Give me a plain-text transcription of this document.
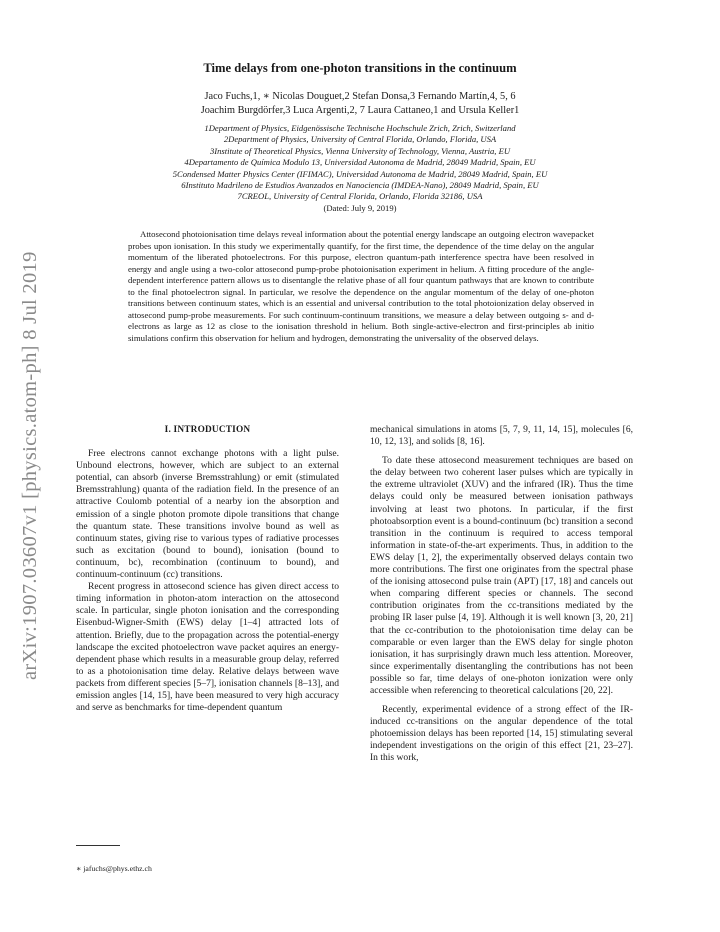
arXiv:1907.03607v1 [physics.atom-ph] 8 Jul 2019
Time delays from one-photon transitions in the continuum
Jaco Fuchs,1, ∗ Nicolas Douguet,2 Stefan Donsa,3 Fernando Martín,4, 5, 6
Joachim Burgdörfer,3 Luca Argenti,2, 7 Laura Cattaneo,1 and Ursula Keller1
1Department of Physics, Eidgenössische Technische Hochschule Zrich, Zrich, Switzerland
2Department of Physics, University of Central Florida, Orlando, Florida, USA
3Institute of Theoretical Physics, Vienna University of Technology, Vienna, Austria, EU
4Departamento de Química Modulo 13, Universidad Autonoma de Madrid, 28049 Madrid, Spain, EU
5Condensed Matter Physics Center (IFIMAC), Universidad Autonoma de Madrid, 28049 Madrid, Spain, EU
6Instituto Madrileno de Estudios Avanzados en Nanociencia (IMDEA-Nano), 28049 Madrid, Spain, EU
7CREOL, University of Central Florida, Orlando, Florida 32186, USA
(Dated: July 9, 2019)
Attosecond photoionisation time delays reveal information about the potential energy landscape an outgoing electron wavepacket probes upon ionisation. In this study we experimentally quantify, for the first time, the dependence of the time delay on the angular momentum of the liberated photoelectrons. For this purpose, electron quantum-path interference spectra have been resolved in energy and angle using a two-color attosecond pump-probe photoionisation experiment in helium. A fitting procedure of the angle-dependent interference pattern allows us to disentangle the relative phase of all four quantum pathways that are known to contribute to the final photoelectron signal. In particular, we resolve the dependence on the angular momentum of the delay of one-photon transitions between continuum states, which is an essential and universal contribution to the total photoionization delay observed in attosecond pump-probe measurements. For such continuum-continuum transitions, we measure a delay between outgoing s- and d-electrons as large as 12 as close to the ionisation threshold in helium. Both single-active-electron and first-principles ab initio simulations confirm this observation for helium and hydrogen, demonstrating the universality of the observed delays.
I. INTRODUCTION

Free electrons cannot exchange photons with a light pulse. Unbound electrons, however, which are subject to an external potential, can absorb (inverse Bremsstrahlung) or emit (stimulated Bremsstrahlung) quanta of the radiation field. In the presence of an attractive Coulomb potential of a nearby ion the absorption and emission of a single photon promote dipole transitions that change the quantum state. These transitions involve bound as well as continuum states, giving rise to various types of radiative processes such as excitation (bound to bound), ionisation (bound to continuum, bc), recombination (continuum to bound), and continuum-continuum (cc) transitions.

Recent progress in attosecond science has given direct access to timing information in photon-atom interaction on the attosecond scale. In particular, single photon ionisation and the corresponding Eisenbud-Wigner-Smith (EWS) delay [1–4] attracted lots of attention. Briefly, due to the propagation across the potential-energy landscape the excited photoelectron wave packet aquires an energy-dependent phase which results in a measurable group delay, referred to as a photoionisation time delay. Relative delays between wave packets from different species [5–7], ionisation channels [8–13], and emission angles [14, 15], have been measured to very high accuracy and serve as benchmarks for time-dependent quantum

mechanical simulations in atoms [5, 7, 9, 11, 14, 15], molecules [6, 10, 12, 13], and solids [8, 16].

To date these attosecond measurement techniques are based on the delay between two coherent laser pulses which are typically in the extreme ultraviolet (XUV) and the infrared (IR). Thus the time delays could only be measured between ionisation pathways involving at least two photons. In particular, if the first photoabsorption event is a bound-continuum (bc) transition a second transition in the continuum is required to access temporal information in state-of-the-art experiments. Thus, in addition to the EWS delay [1, 2], the experimentally observed delays contain two more contributions. The first one originates from the spectral phase of the ionising attosecond pulse train (APT) [17, 18] and cancels out when comparing different species or channels. The second contribution originates from the cc-transitions mediated by the probing IR laser pulse [4, 19]. Although it is well known [3, 20, 21] that the cc-contribution to the photoionisation time delay can be comparable or even larger than the EWS delay for single photon ionisation, it has surprisingly drawn much less attention. Moreover, since experimentally disentangling the contributions has not been possible so far, time delays of one-photon ionization were only accessible when referencing to theoretical calculations [20, 22].

Recently, experimental evidence of a strong effect of the IR-induced cc-transitions on the angular dependence of the total photoemission delays has been reported [14, 15] stimulating several independent investigations on the origin of this effect [21, 23–27]. In this work,

∗ jafuchs@phys.ethz.ch
